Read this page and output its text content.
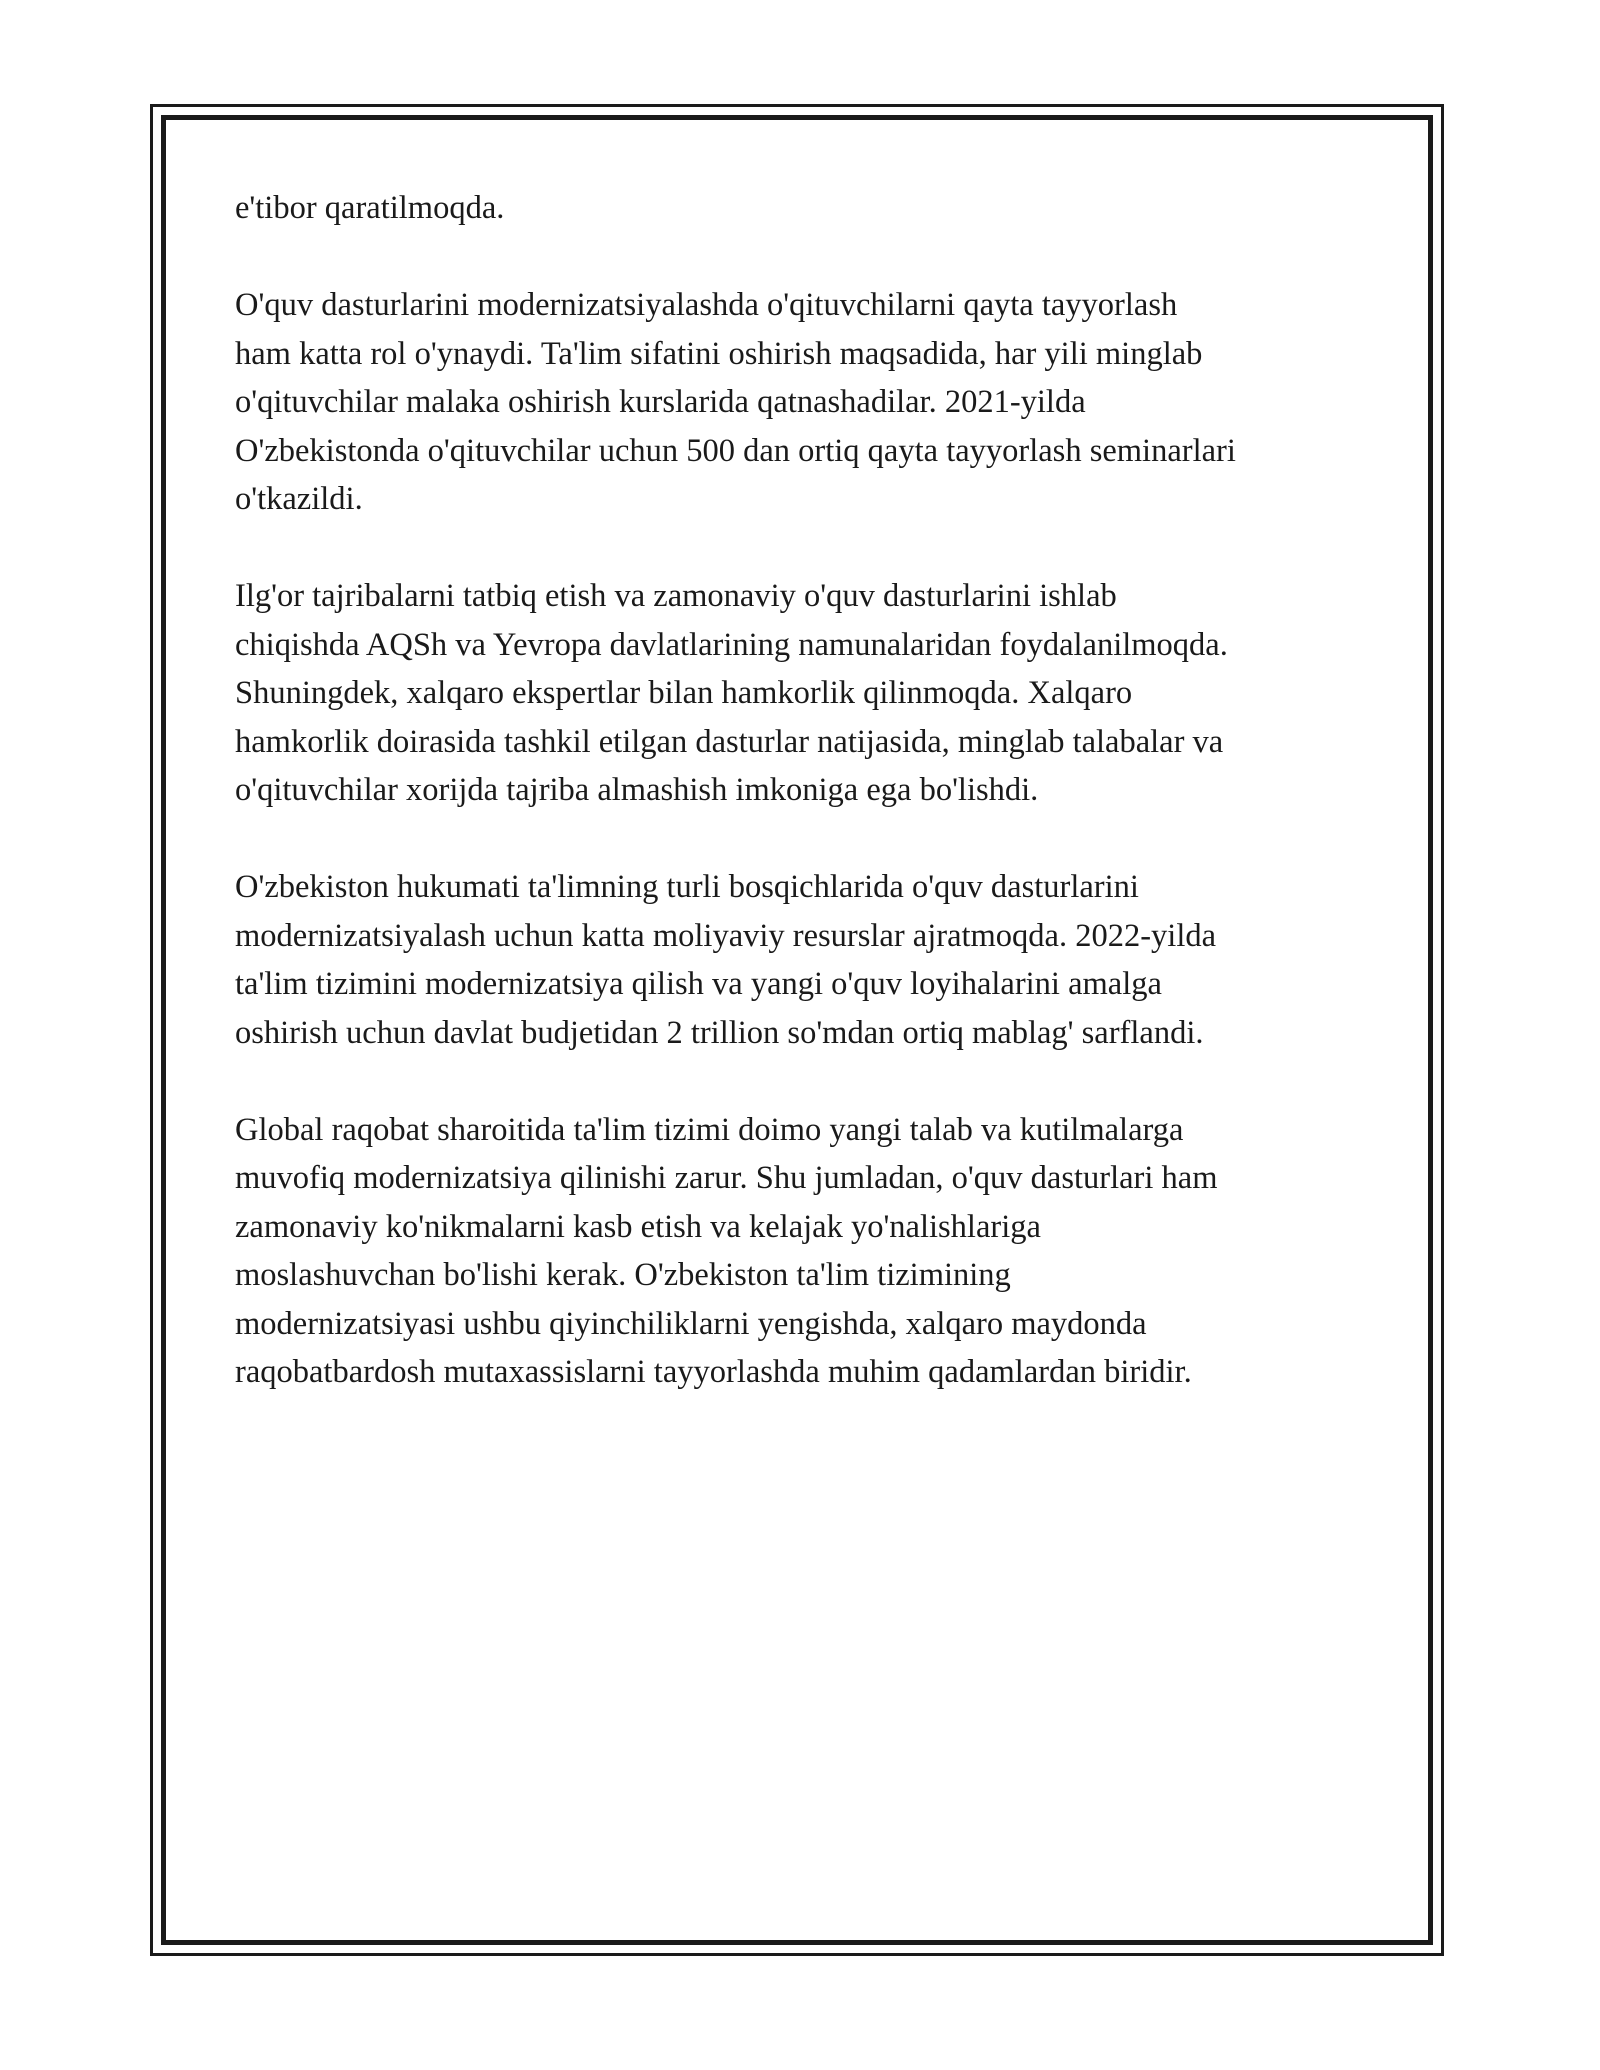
e'tibor qaratilmoqda.

O'quv dasturlarini modernizatsiyalashda o'qituvchilarni qayta tayyorlash
ham katta rol o'ynaydi. Ta'lim sifatini oshirish maqsadida, har yili minglab
o'qituvchilar malaka oshirish kurslarida qatnashadilar. 2021-yilda
O'zbekistonda o'qituvchilar uchun 500 dan ortiq qayta tayyorlash seminarlari
o'tkazildi.

Ilg'or tajribalarni tatbiq etish va zamonaviy o'quv dasturlarini ishlab
chiqishda AQSh va Yevropa davlatlarining namunalaridan foydalanilmoqda.
Shuningdek, xalqaro ekspertlar bilan hamkorlik qilinmoqda. Xalqaro
hamkorlik doirasida tashkil etilgan dasturlar natijasida, minglab talabalar va
o'qituvchilar xorijda tajriba almashish imkoniga ega bo'lishdi.

O'zbekiston hukumati ta'limning turli bosqichlarida o'quv dasturlarini
modernizatsiyalash uchun katta moliyaviy resurslar ajratmoqda. 2022-yilda
ta'lim tizimini modernizatsiya qilish va yangi o'quv loyihalarini amalga
oshirish uchun davlat budjetidan 2 trillion so'mdan ortiq mablag' sarflandi.

Global raqobat sharoitida ta'lim tizimi doimo yangi talab va kutilmalarga
muvofiq modernizatsiya qilinishi zarur. Shu jumladan, o'quv dasturlari ham
zamonaviy ko'nikmalarni kasb etish va kelajak yo'nalishlariga
moslashuvchan bo'lishi kerak. O'zbekiston ta'lim tizimining
modernizatsiyasi ushbu qiyinchiliklarni yengishda, xalqaro maydonda
raqobatbardosh mutaxassislarni tayyorlashda muhim qadamlardan biridir.
